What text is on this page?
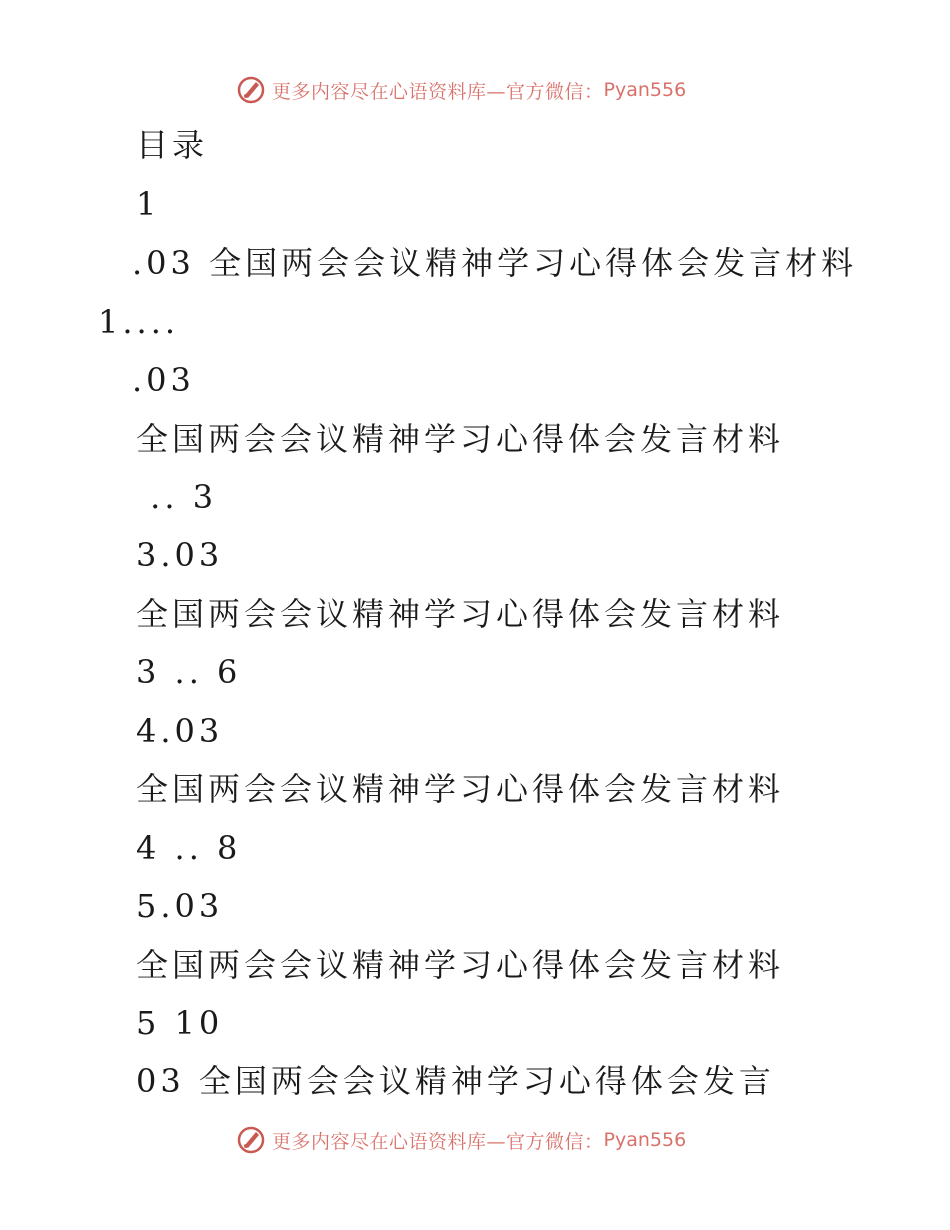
更多内容尽在心语资料库—官方微信： Pyan556
目录
1
.03 全国两会会议精神学习心得体会发言材料
1....
.03
全国两会会议精神学习心得体会发言材料
.. 3
3.03
全国两会会议精神学习心得体会发言材料
3 .. 6
4.03
全国两会会议精神学习心得体会发言材料
4 .. 8
5.03
全国两会会议精神学习心得体会发言材料
5 10
03 全国两会会议精神学习心得体会发言
更多内容尽在心语资料库—官方微信： Pyan556
